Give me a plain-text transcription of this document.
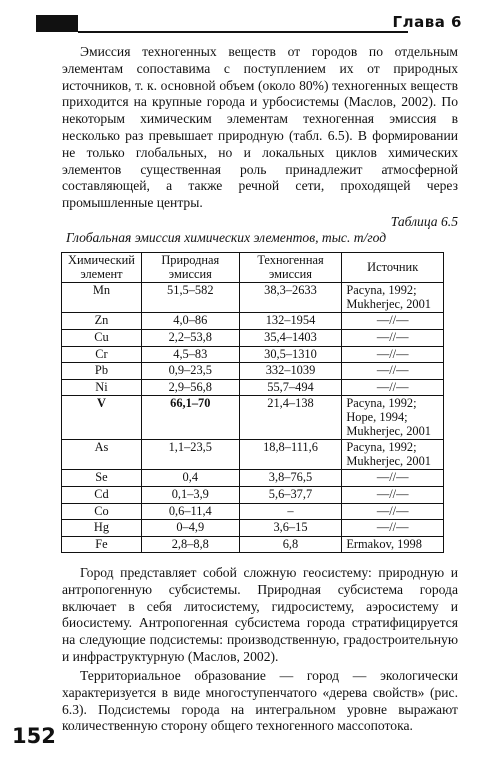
Глава 6

Эмиссия техногенных веществ от городов по отдельным элементам сопоставима с поступлением их от природных источников, т. к. основной объем (около 80%) техногенных веществ приходится на крупные города и урбосистемы (Маслов, 2002). По некоторым химическим элементам техногенная эмиссия в несколько раз превышает природную (табл. 6.5). В формировании не только глобальных, но и локальных циклов химических элементов существенная роль принадлежит атмосферной составляющей, а также речной сети, проходящей через промышленные центры.

Таблица 6.5
Глобальная эмиссия химических элементов, тыс. т/год
Химический элемент	Природная эмиссия	Техногенная эмиссия	Источник
Mn	51,5–582	38,3–2633	Pacyna, 1992; Mukherjec, 2001
Zn	4,0–86	132–1954	—//—
Cu	2,2–53,8	35,4–1403	—//—
Cr	4,5–83	30,5–1310	—//—
Pb	0,9–23,5	332–1039	—//—
Ni	2,9–56,8	55,7–494	—//—
V	66,1–70	21,4–138	Pacyna, 1992; Hope, 1994; Mukherjec, 2001
As	1,1–23,5	18,8–111,6	Pacyna, 1992; Mukherjec, 2001
Se	0,4	3,8–76,5	—//—
Cd	0,1–3,9	5,6–37,7	—//—
Co	0,6–11,4	–	—//—
Hg	0–4,9	3,6–15	—//—
Fe	2,8–8,8	6,8	Ermakov, 1998

Город представляет собой сложную геосистему: природную и антропогенную субсистемы. Природная субсистема города включает в себя литосистему, гидросистему, аэросистему и биосистему. Антропогенная субсистема города стратифицируется на следующие подсистемы: производственную, градостроительную и инфраструктурную (Маслов, 2002).

Территориальное образование — город — экологически характеризуется в виде многоступенчатого «дерева свойств» (рис. 6.3). Подсистемы города на интегральном уровне выражают количественную сторону общего техногенного массопотока.

152
